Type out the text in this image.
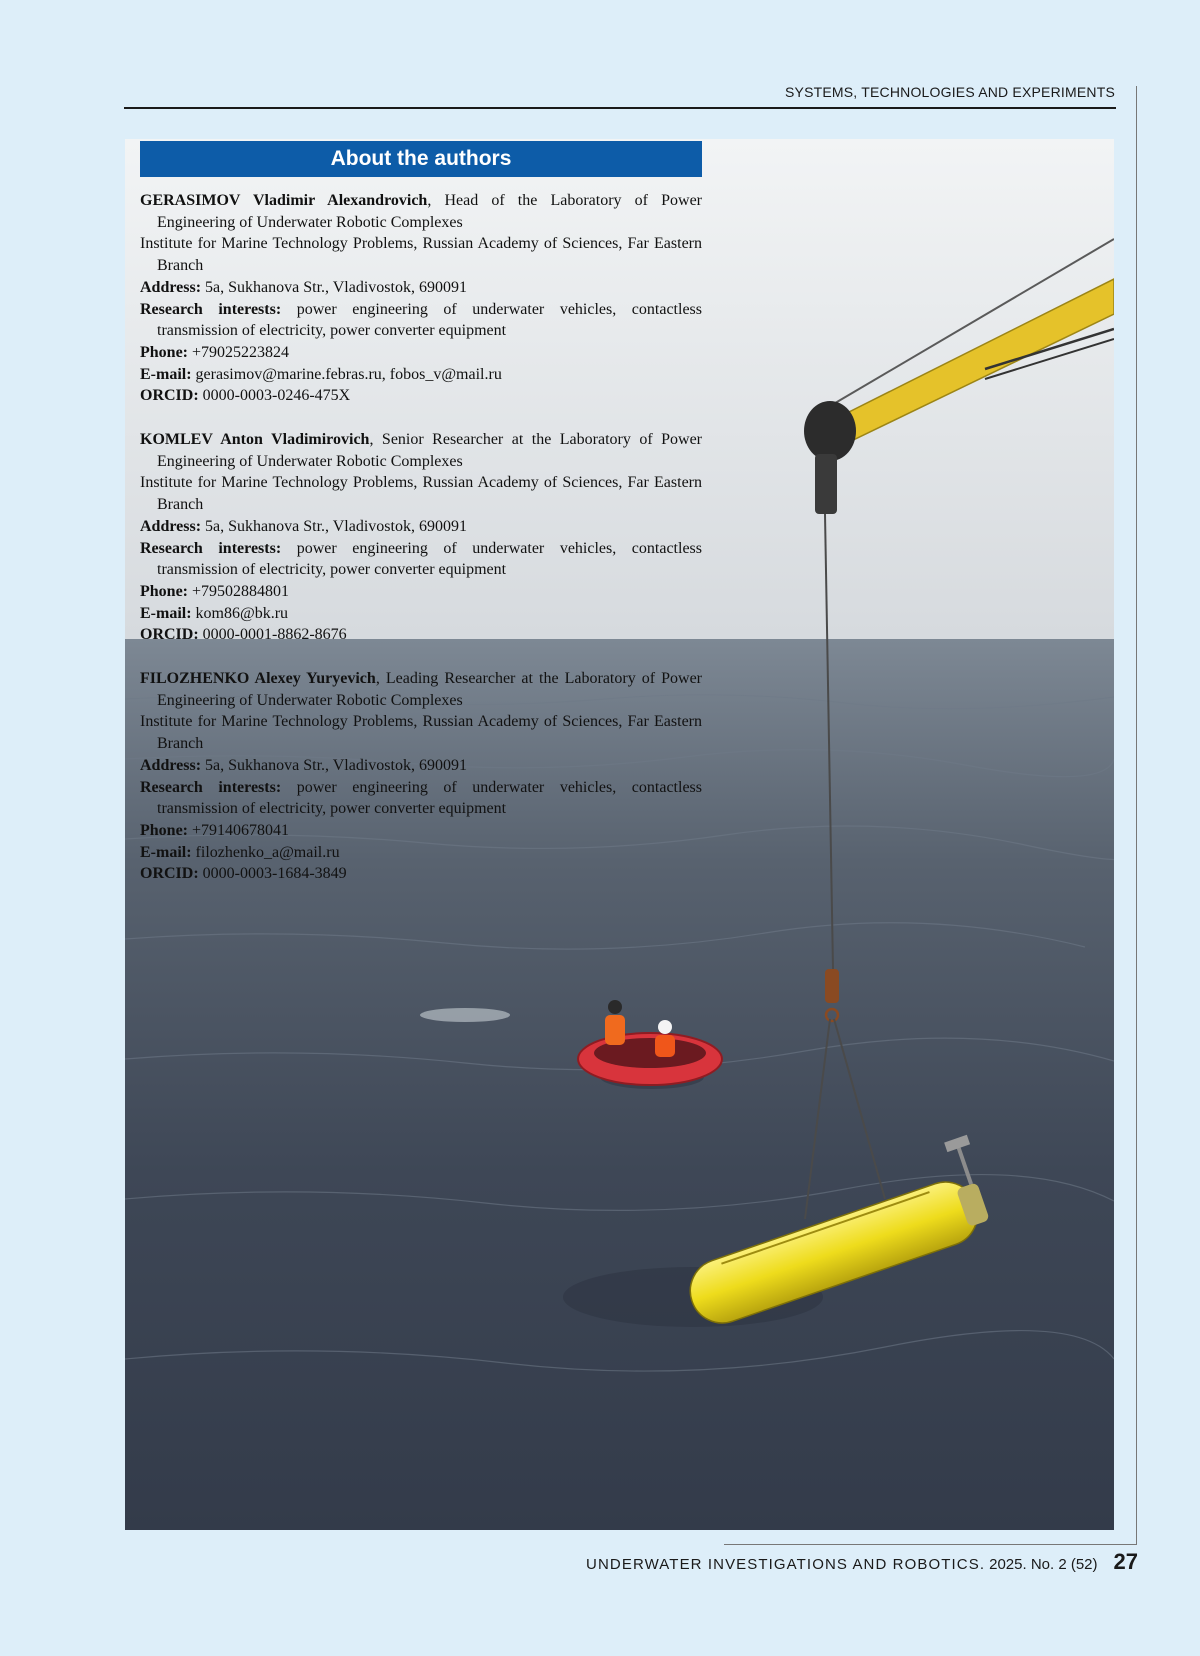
SYSTEMS, TECHNOLOGIES AND EXPERIMENTS
About the authors
GERASIMOV Vladimir Alexandrovich, Head of the Laboratory of Power Engineering of Underwater Robotic Complexes
Institute for Marine Technology Problems, Russian Academy of Sciences, Far Eastern Branch
Address: 5a, Sukhanova Str., Vladivostok, 690091
Research interests: power engineering of underwater vehicles, contactless transmission of electricity, power converter equipment
Phone: +79025223824
E-mail: gerasimov@marine.febras.ru, fobos_v@mail.ru
ORCID: 0000-0003-0246-475X
KOMLEV Anton Vladimirovich, Senior Researcher at the Laboratory of Power Engineering of Underwater Robotic Complexes
Institute for Marine Technology Problems, Russian Academy of Sciences, Far Eastern Branch
Address: 5a, Sukhanova Str., Vladivostok, 690091
Research interests: power engineering of underwater vehicles, contactless transmission of electricity, power converter equipment
Phone: +79502884801
E-mail: kom86@bk.ru
ORCID: 0000-0001-8862-8676
FILOZHENKO Alexey Yuryevich, Leading Researcher at the Laboratory of Power Engineering of Underwater Robotic Complexes
Institute for Marine Technology Problems, Russian Academy of Sciences, Far Eastern Branch
Address: 5a, Sukhanova Str., Vladivostok, 690091
Research interests: power engineering of underwater vehicles, contactless transmission of electricity, power converter equipment
Phone: +79140678041
E-mail: filozhenko_a@mail.ru
ORCID: 0000-0003-1684-3849
UNDERWATER INVESTIGATIONS AND ROBOTICS. 2025. No. 2 (52) 27
